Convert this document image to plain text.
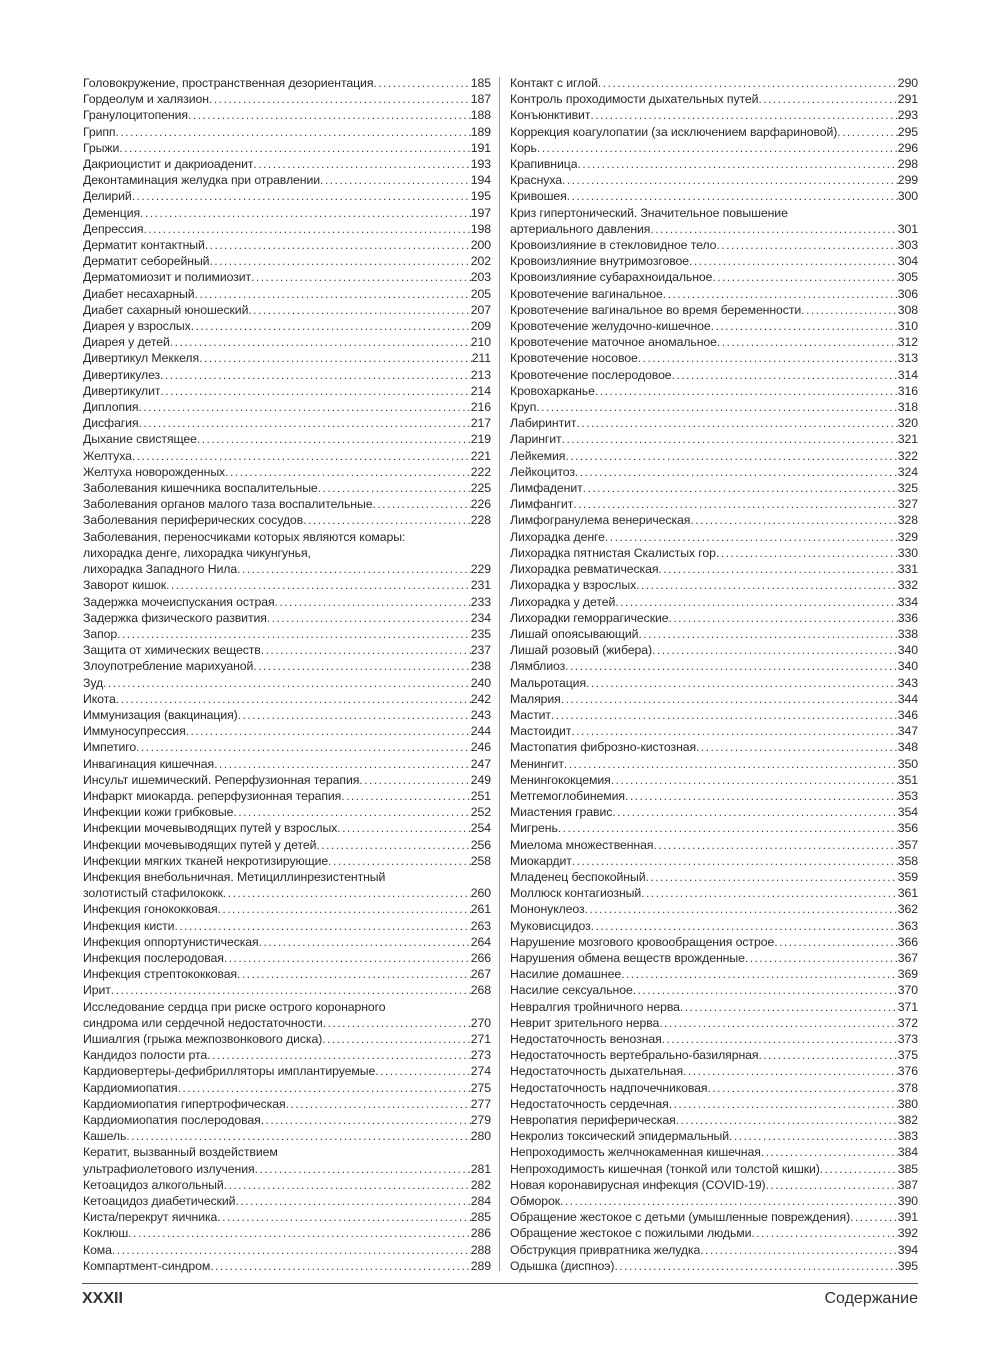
Головокружение, пространственная дезориентация . . .	185
Гордеолум и халязион . . .	187
Гранулоцитопения . . .	188
Грипп . . .	189
Грыжи . . .	191
Дакриоцистит и дакриоаденит . . .	193
Деконтаминация желудка при отравлении . . .	194
Делирий . . .	195
Деменция . . .	197
Депрессия . . .	198
Дерматит контактный . . .	200
Дерматит себорейный . . .	202
Дерматомиозит и полимиозит . . .	203
Диабет несахарный . . .	205
Диабет сахарный юношеский . . .	207
Диарея у взрослых . . .	209
Диарея у детей . . .	210
Дивертикул Меккеля . . .	211
Дивертикулез . . .	213
Дивертикулит . . .	214
Диплопия . . .	216
Дисфагия . . .	217
Дыхание свистящее . . .	219
Желтуха . . .	221
Желтуха новорожденных . . .	222
Заболевания кишечника воспалительные . . .	225
Заболевания органов малого таза воспалительные . . .	226
Заболевания периферических сосудов . . .	228
Заболевания, переносчиками которых являются комары:
лихорадка денге, лихорадка чикунгунья,
лихорадка Западного Нила . . .	229
Заворот кишок . . .	231
Задержка мочеиспускания острая . . .	233
Задержка физического развития . . .	234
Запор . . .	235
Защита от химических веществ . . .	237
Злоупотребление марихуаной . . .	238
Зуд . . .	240
Икота . . .	242
Иммунизация (вакцинация) . . .	243
Иммуносупрессия . . .	244
Импетиго . . .	246
Инвагинация кишечная . . .	247
Инсульт ишемический. Реперфузионная терапия . . .	249
Инфаркт миокарда. реперфузионная терапия . . .	251
Инфекции кожи грибковые . . .	252
Инфекции мочевыводящих путей у взрослых . . .	254
Инфекции мочевыводящих путей у детей . . .	256
Инфекции мягких тканей некротизирующие . . .	258
Инфекция внебольничная. Метициллинрезистентный
золотистый стафилококк . . .	260
Инфекция гонококковая . . .	261
Инфекция кисти . . .	263
Инфекция оппортунистическая . . .	264
Инфекция послеродовая . . .	266
Инфекция стрептококковая . . .	267
Ирит . . .	268
Исследование сердца при риске острого коронарного
синдрома или сердечной недостаточности . . .	270
Ишиалгия (грыжа межпозвонкового диска) . . .	271
Кандидоз полости рта . . .	273
Кардиовертеры-дефибрилляторы имплантируемые . . .	274
Кардиомиопатия . . .	275
Кардиомиопатия гипертрофическая . . .	277
Кардиомиопатия послеродовая . . .	279
Кашель . . .	280
Кератит, вызванный воздействием
ультрафиолетового излучения . . .	281
Кетоацидоз алкогольный . . .	282
Кетоацидоз диабетический . . .	284
Киста/перекрут яичника . . .	285
Коклюш . . .	286
Кома . . .	288
Компартмент-синдром . . .	289
Контакт с иглой . . .	290
Контроль проходимости дыхательных путей . . .	291
Конъюнктивит . . .	293
Коррекция коагулопатии (за исключением варфариновой) . . .	295
Корь . . .	296
Крапивница . . .	298
Краснуха . . .	299
Кривошея . . .	300
Криз гипертонический. Значительное повышение
артериального давления . . .	301
Кровоизлияние в стекловидное тело . . .	303
Кровоизлияние внутримозговое . . .	304
Кровоизлияние субарахноидальное . . .	305
Кровотечение вагинальное . . .	306
Кровотечение вагинальное во время беременности . . .	308
Кровотечение желудочно-кишечное . . .	310
Кровотечение маточное аномальное . . .	312
Кровотечение носовое . . .	313
Кровотечение послеродовое . . .	314
Кровохарканье . . .	316
Круп . . .	318
Лабиринтит . . .	320
Ларингит . . .	321
Лейкемия . . .	322
Лейкоцитоз . . .	324
Лимфаденит . . .	325
Лимфангит . . .	327
Лимфогранулема венерическая . . .	328
Лихорадка денге . . .	329
Лихорадка пятнистая Скалистых гор . . .	330
Лихорадка ревматическая . . .	331
Лихорадка у взрослых . . .	332
Лихорадка у детей . . .	334
Лихорадки геморрагические . . .	336
Лишай опоясывающий . . .	338
Лишай розовый (жибера) . . .	340
Лямблиоз . . .	340
Мальротация . . .	343
Малярия . . .	344
Мастит . . .	346
Мастоидит . . .	347
Мастопатия фиброзно-кистозная . . .	348
Менингит . . .	350
Менингококцемия . . .	351
Метгемоглобинемия . . .	353
Миастения гравис . . .	354
Мигрень . . .	356
Миелома множественная . . .	357
Миокардит . . .	358
Младенец беспокойный . . .	359
Моллюск контагиозный . . .	361
Мононуклеоз . . .	362
Муковисцидоз . . .	363
Нарушение мозгового кровообращения острое . . .	366
Нарушения обмена веществ врожденные . . .	367
Насилие домашнее . . .	369
Насилие сексуальное . . .	370
Невралгия тройничного нерва . . .	371
Неврит зрительного нерва . . .	372
Недостаточность венозная . . .	373
Недостаточность вертебрально-базилярная . . .	375
Недостаточность дыхательная . . .	376
Недостаточность надпочечниковая . . .	378
Недостаточность сердечная . . .	380
Невропатия периферическая . . .	382
Некролиз токсический эпидермальный . . .	383
Непроходимость желчнокаменная кишечная . . .	384
Непроходимость кишечная (тонкой или толстой кишки) . . .	385
Новая коронавирусная инфекция (COVID-19) . . .	387
Обморок . . .	390
Обращение жестокое с детьми (умышленные повреждения) . . .	391
Обращение жестокое с пожилыми людьми . . .	392
Обструкция привратника желудка . . .	394
Одышка (диспноэ) . . .	395
XXXII	Содержание
